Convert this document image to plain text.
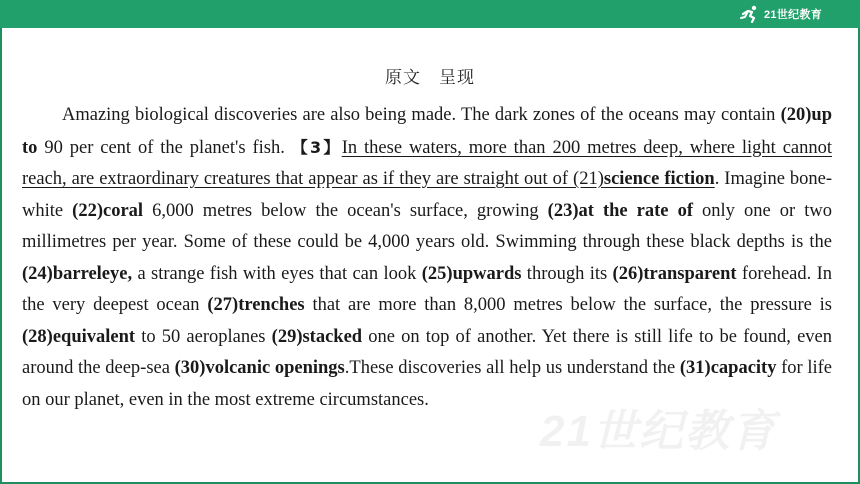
21世纪教育
原文　呈现
Amazing biological discoveries are also being made. The dark zones of the oceans may contain (20)up to 90 per cent of the planet's fish. 【3】In these waters, more than 200 metres deep, where light cannot reach, are extraordinary creatures that appear as if they are straight out of (21)science fiction. Imagine bone-white (22)coral 6,000 metres below the ocean's surface, growing (23)at the rate of only one or two millimetres per year. Some of these could be 4,000 years old. Swimming through these black depths is the (24)barreleye, a strange fish with eyes that can look (25)upwards through its (26)transparent forehead. In the very deepest ocean (27)trenches that are more than 8,000 metres below the surface, the pressure is (28)equivalent to 50 aeroplanes (29)stacked one on top of another. Yet there is still life to be found, even around the deep-sea (30)volcanic openings.These discoveries all help us understand the (31)capacity for life on our planet, even in the most extreme circumstances.
21世纪教育
